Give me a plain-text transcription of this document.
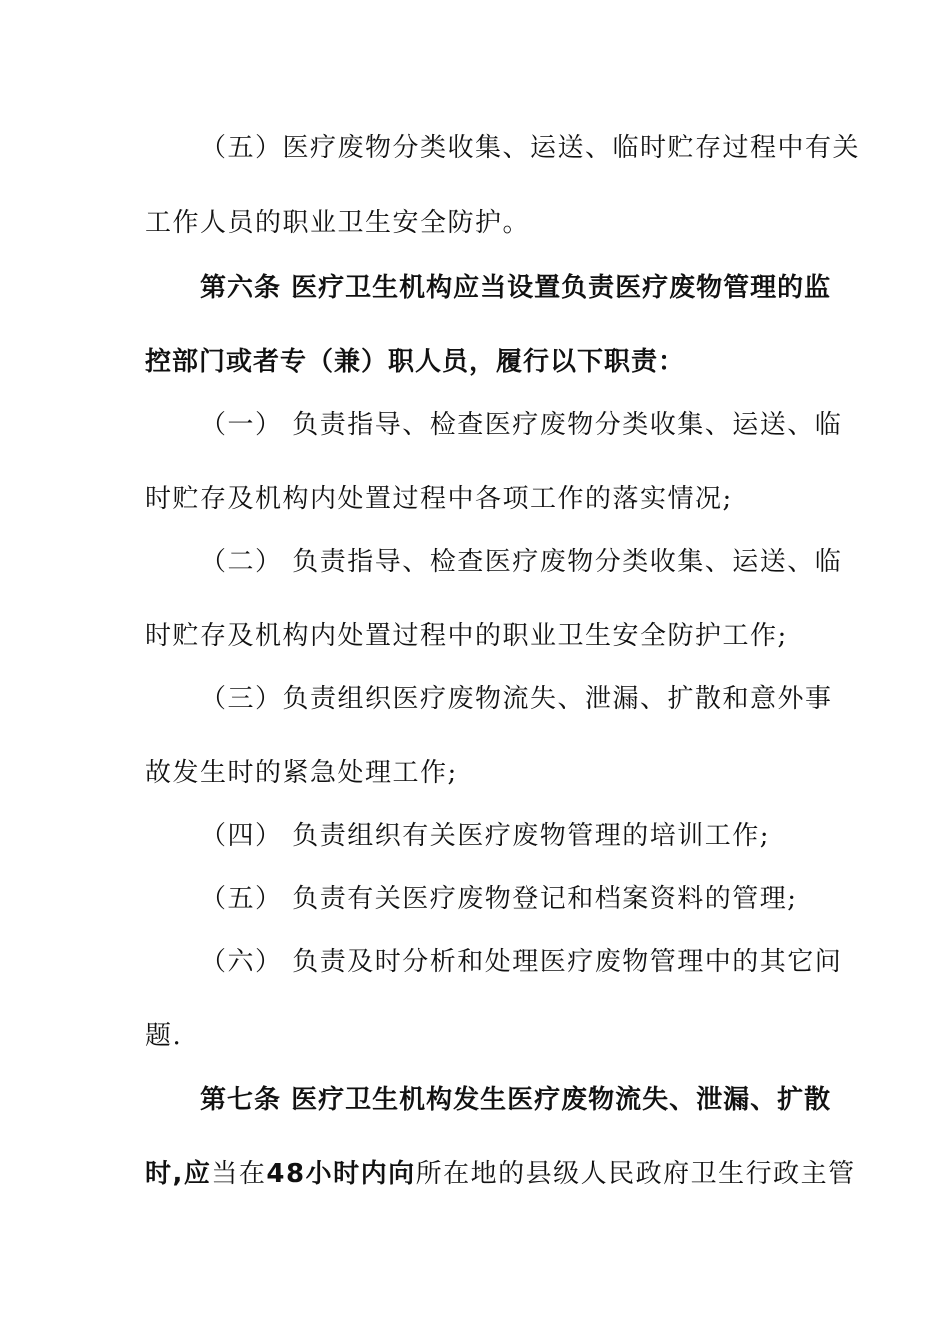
（五）医疗废物分类收集、运送、临时贮存过程中有关
工作人员的职业卫生安全防护。
第六条 医疗卫生机构应当设置负责医疗废物管理的监
控部门或者专（兼）职人员，履行以下职责：
（一） 负责指导、检查医疗废物分类收集、运送、临
时贮存及机构内处置过程中各项工作的落实情况;
（二） 负责指导、检查医疗废物分类收集、运送、临
时贮存及机构内处置过程中的职业卫生安全防护工作;
（三）负责组织医疗废物流失、泄漏、扩散和意外事
故发生时的紧急处理工作;
（四） 负责组织有关医疗废物管理的培训工作;
（五） 负责有关医疗废物登记和档案资料的管理;
（六） 负责及时分析和处理医疗废物管理中的其它问
题.
第七条 医疗卫生机构发生医疗废物流失、泄漏、扩散
时,应当在48小时内向所在地的县级人民政府卫生行政主管
